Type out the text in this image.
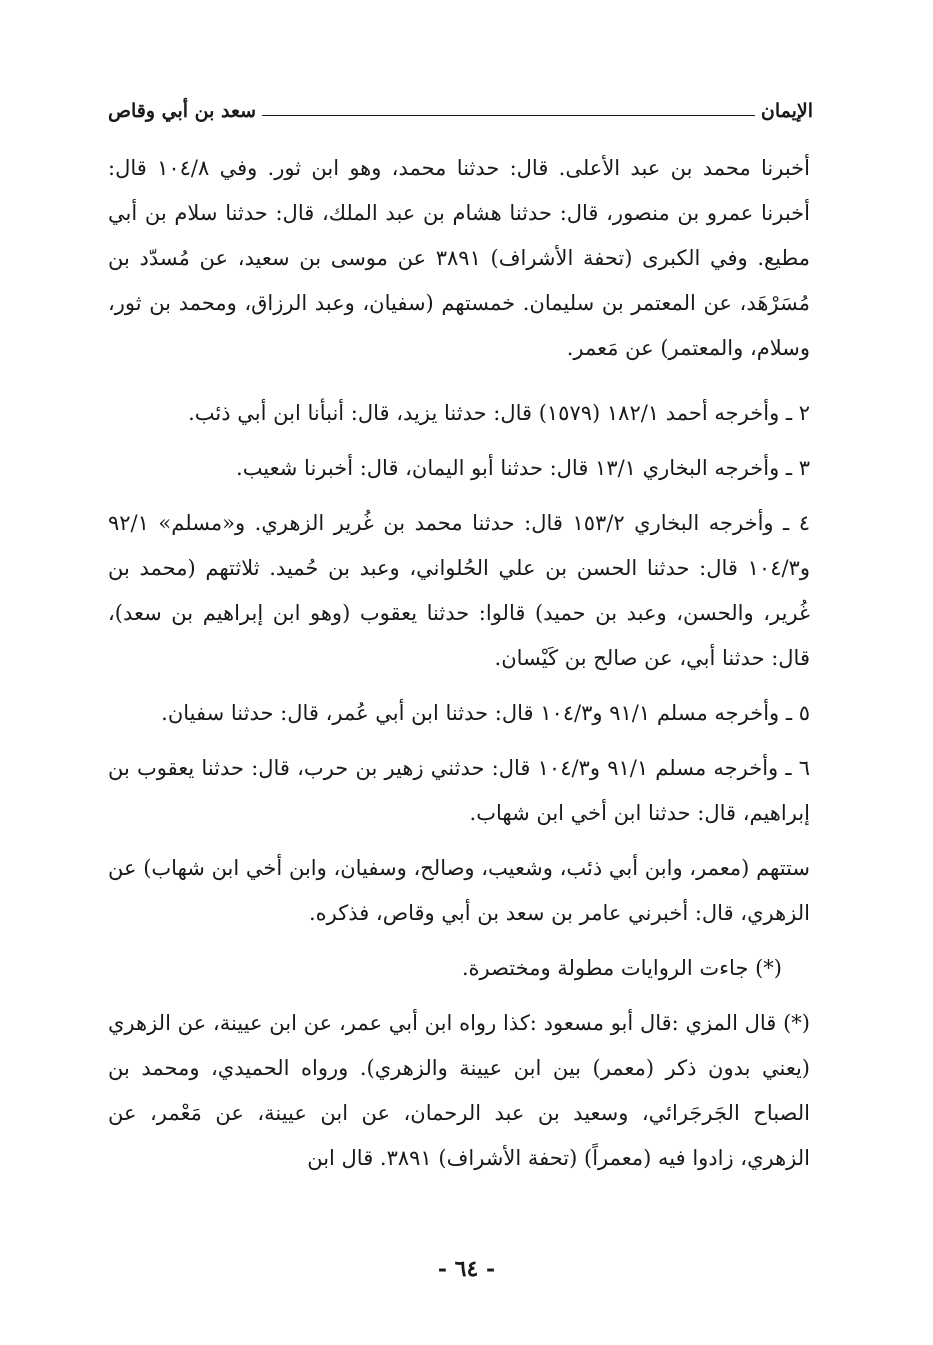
الإيمان
سعد بن أبي وقاص

أخبرنا محمد بن عبد الأعلى. قال: حدثنا محمد، وهو ابن ثور. وفي ١٠٤/٨ قال: أخبرنا عمرو بن منصور، قال: حدثنا هشام بن عبد الملك، قال: حدثنا سلام بن أبي مطيع. وفي الكبرى (تحفة الأشراف) ٣٨٩١ عن موسى بن سعيد، عن مُسدّد بن مُسَرْهَد، عن المعتمر بن سليمان. خمستهم (سفيان، وعبد الرزاق، ومحمد بن ثور، وسلام، والمعتمر) عن مَعمر.

٢ ـ وأخرجه أحمد ١٨٢/١ (١٥٧٩) قال: حدثنا يزيد، قال: أنبأنا ابن أبي ذئب.

٣ ـ وأخرجه البخاري ١٣/١ قال: حدثنا أبو اليمان، قال: أخبرنا شعيب.

٤ ـ وأخرجه البخاري ١٥٣/٢ قال: حدثنا محمد بن غُرير الزهري. و«مسلم» ٩٢/١ و١٠٤/٣ قال: حدثنا الحسن بن علي الحُلواني، وعبد بن حُميد. ثلاثتهم (محمد بن غُرير، والحسن، وعبد بن حميد) قالوا: حدثنا يعقوب (وهو ابن إبراهيم بن سعد)، قال: حدثنا أبي، عن صالح بن كَيْسان.

٥ ـ وأخرجه مسلم ٩١/١ و١٠٤/٣ قال: حدثنا ابن أبي عُمر، قال: حدثنا سفيان.

٦ ـ وأخرجه مسلم ٩١/١ و١٠٤/٣ قال: حدثني زهير بن حرب، قال: حدثنا يعقوب بن إبراهيم، قال: حدثنا ابن أخي ابن شهاب.

ستتهم (معمر، وابن أبي ذئب، وشعيب، وصالح، وسفيان، وابن أخي ابن شهاب) عن الزهري، قال: أخبرني عامر بن سعد بن أبي وقاص، فذكره.

(*) جاءت الروايات مطولة ومختصرة.

(*) قال المزي :قال أبو مسعود :كذا رواه ابن أبي عمر، عن ابن عيينة، عن الزهري (يعني بدون ذكر (معمر) بين ابن عيينة والزهري). ورواه الحميدي، ومحمد بن الصباح الجَرجَرائي، وسعيد بن عبد الرحمان، عن ابن عيينة، عن مَعْمر، عن الزهري، زادوا فيه (معمراً) (تحفة الأشراف) ٣٨٩١. قال ابن

- ٦٤ -
